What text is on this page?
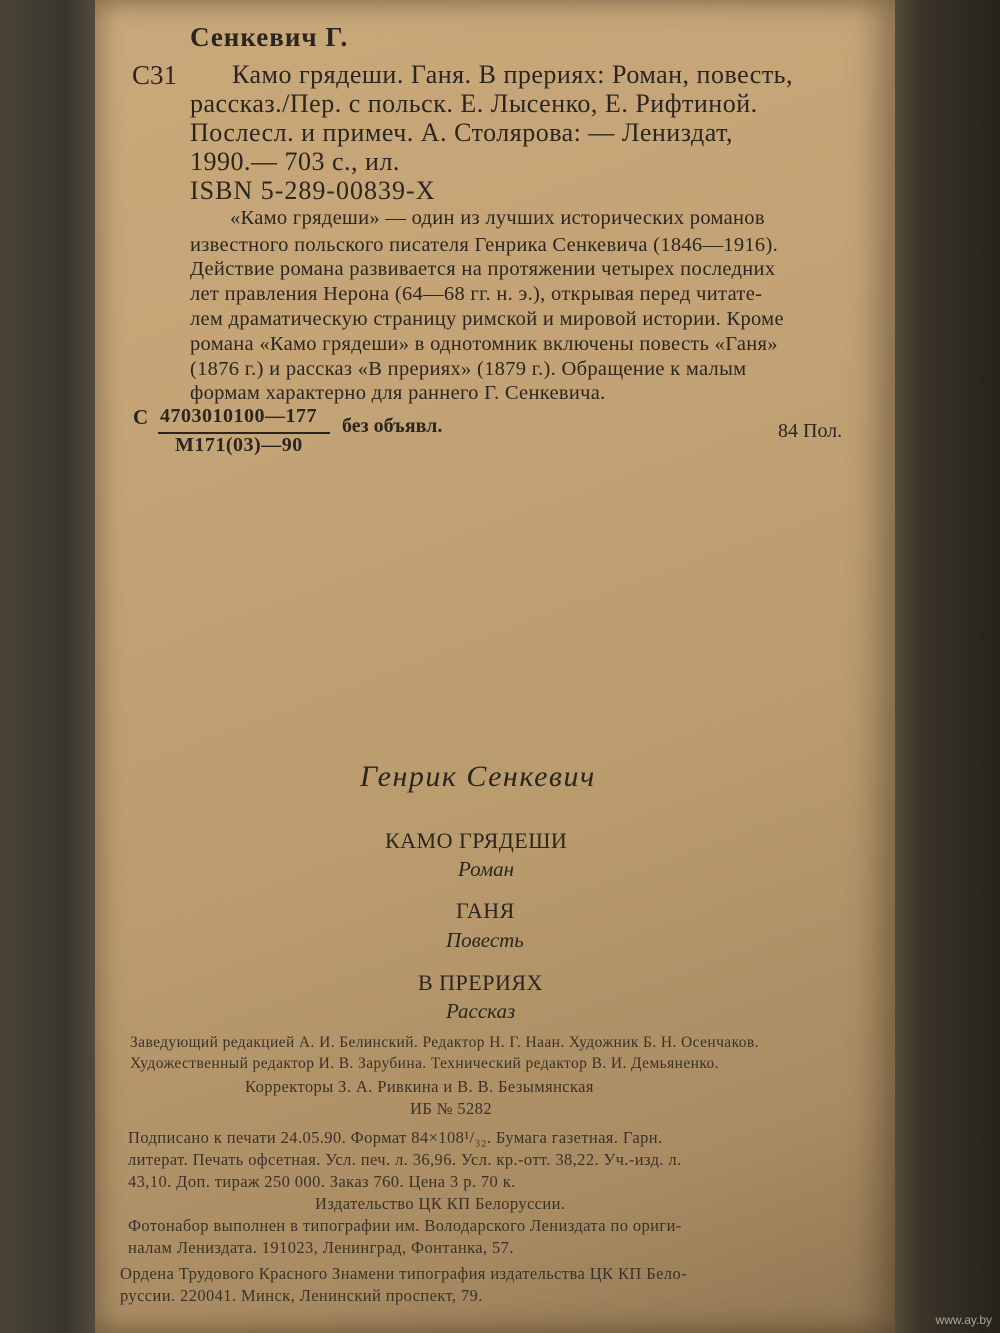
Сенкевич Г.
С31 Камо грядеши. Ганя. В прериях: Роман, повесть,
рассказ./Пер. с польск. Е. Лысенко, Е. Рифтиной.
Послесл. и примеч. А. Столярова: — Лениздат,
1990.— 703 с., ил.
ISBN 5-289-00839-X
«Камо грядеши» — один из лучших исторических романов
известного польского писателя Генрика Сенкевича (1846—1916).
Действие романа развивается на протяжении четырех последних
лет правления Нерона (64—68 гг. н. э.), открывая перед читате-
лем драматическую страницу римской и мировой истории. Кроме
романа «Камо грядеши» в однотомник включены повесть «Ганя»
(1876 г.) и рассказ «В прериях» (1879 г.). Обращение к малым
формам характерно для раннего Г. Сенкевича.
С 4703010100—177
М171(03)—90
без объявл.	84 Пол.
Генрик Сенкевич
КАМО ГРЯДЕШИ
Роман
ГАНЯ
Повесть
В ПРЕРИЯХ
Рассказ
Заведующий редакцией А. И. Белинский. Редактор Н. Г. Наан. Художник Б. Н. Осенчаков.
Художественный редактор И. В. Зарубина. Технический редактор В. И. Демьяненко.
Корректоры З. А. Ривкина и В. В. Безымянская
ИБ № 5282
Подписано к печати 24.05.90. Формат 84×108¹/₃₂. Бумага газетная. Гарн.
литерат. Печать офсетная. Усл. печ. л. 36,96. Усл. кр.-отт. 38,22. Уч.-изд. л.
43,10. Доп. тираж 250 000. Заказ 760. Цена 3 р. 70 к.
Издательство ЦК КП Белоруссии.
Фотонабор выполнен в типографии им. Володарского Лениздата по ориги-
налам Лениздата. 191023, Ленинград, Фонтанка, 57.
Ордена Трудового Красного Знамени типография издательства ЦК КП Бело-
руссии. 220041. Минск, Ленинский проспект, 79.
www.ay.by
